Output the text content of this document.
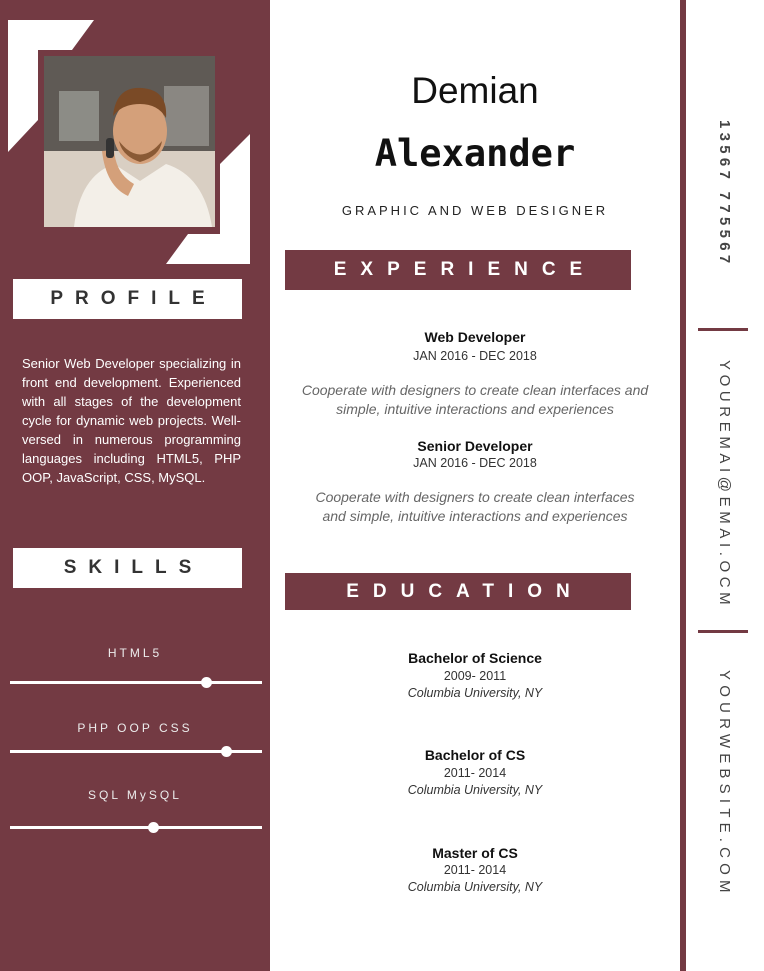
PROFILE
Senior Web Developer specializing in front end development. Experienced with all stages of the development cycle for dynamic web projects. Well-versed in numerous programming languages including HTML5, PHP OOP, JavaScript, CSS, MySQL.
SKILLS
HTML5
PHP OOP CSS
SQL MySQL
Demian
Alexander
GRAPHIC AND WEB DESIGNER
EXPERIENCE
Web Developer
JAN 2016 - DEC 2018
Cooperate with designers to create clean interfaces and simple, intuitive interactions and experiences
Senior Developer
JAN 2016 - DEC 2018
Cooperate with designers to create clean interfaces and simple, intuitive interactions and experiences
EDUCATION
Bachelor of Science
2009- 2011
Columbia University, NY
Bachelor of CS
2011- 2014
Columbia University, NY
Master of CS
2011- 2014
Columbia University, NY
13567 775567
YOUREMAI@EMAI.OCM
YOURWEBSITE.COM
